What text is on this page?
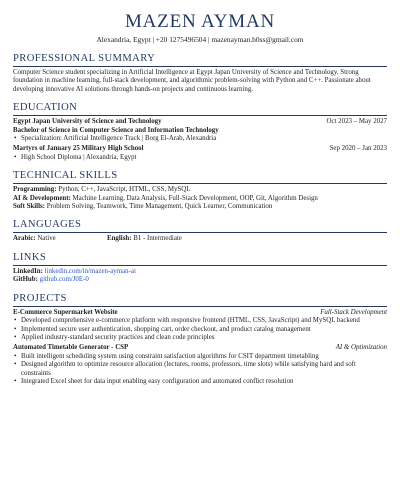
MAZEN AYMAN
Alexandria, Egypt | +20 1275496504 | mazenayman.b0ss@gmail.com
PROFESSIONAL SUMMARY
Computer Science student specializing in Artificial Intelligence at Egypt Japan University of Science and Technology. Strong foundation in machine learning, full-stack development, and algorithmic problem-solving with Python and C++. Passionate about developing innovative AI solutions through hands-on projects and continuous learning.
EDUCATION
Egypt Japan University of Science and Technology	Oct 2023 – May 2027
Bachelor of Science in Computer Science and Information Technology
• Specialization: Artificial Intelligence Track | Borg El-Arab, Alexandria
Martyrs of January 25 Military High School	Sep 2020 – Jan 2023
• High School Diploma | Alexandria, Egypt
TECHNICAL SKILLS
Programming: Python, C++, JavaScript, HTML, CSS, MySQL
AI & Development: Machine Learning, Data Analysis, Full-Stack Development, OOP, Git, Algorithm Design
Soft Skills: Problem Solving, Teamwork, Time Management, Quick Learner, Communication
LANGUAGES
Arabic: Native	English: B1 - Intermediate
LINKS
LinkedIn: linkedin.com/in/mazen-ayman-ai
GitHub: github.com/J0E-0
PROJECTS
E-Commerce Supermarket Website	Full-Stack Development
• Developed comprehensive e-commerce platform with responsive frontend (HTML, CSS, JavaScript) and MySQL backend
• Implemented secure user authentication, shopping cart, order checkout, and product catalog management
• Applied industry-standard security practices and clean code principles
Automated Timetable Generator - CSP	AI & Optimization
• Built intelligent scheduling system using constraint satisfaction algorithms for CSIT department timetabling
• Designed algorithm to optimize resource allocation (lectures, rooms, professors, time slots) while satisfying hard and soft constraints
• Integrated Excel sheet for data input enabling easy configuration and automated conflict resolution
